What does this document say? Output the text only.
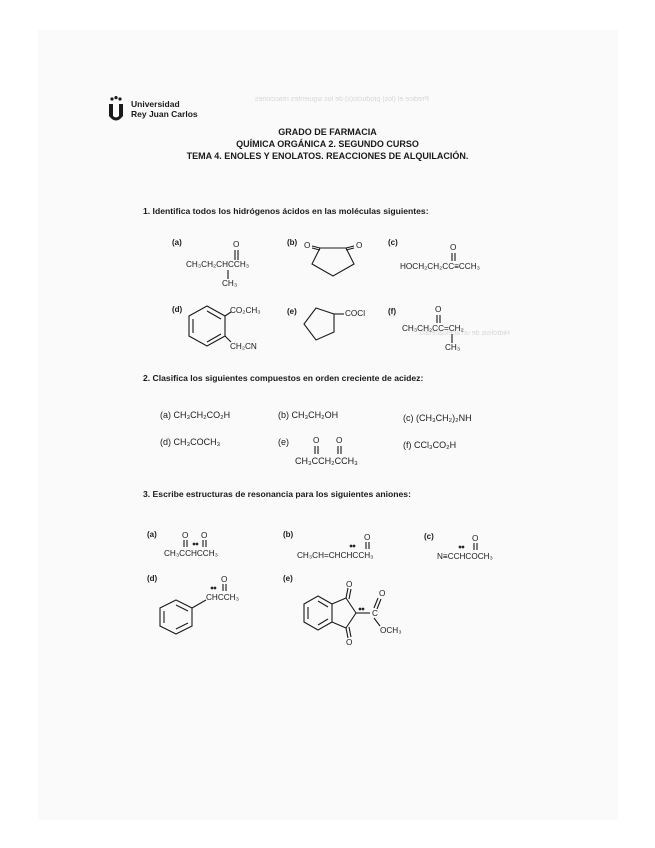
Predice el (los) producto(s) de los siguientes reacciones
Hidrólisis de un acetoacetato
Universidad
Rey Juan Carlos
GRADO DE FARMACIA
QUÍMICA ORGÁNICA 2. SEGUNDO CURSO
TEMA 4. ENOLES Y ENOLATOS. REACCIONES DE ALQUILACIÓN.
1. Identifica todos los hidrógenos ácidos en las moléculas siguientes:
(a)	O
CH₃CH₂CHCCH₃
CH₃
(b) O	O	(c)
O
HOCH₂CH₂CC≡CCH₃
(d)	CO₂CH₃
CH₂CN
(e)	COCl	(f)	O
CH₃CH₂CC=CH₂
CH₃
2. Clasifica los siguientes compuestos en orden creciente de acidez:
(a) CH₃CH₂CO₂H	(b) CH₃CH₂OH	(c) (CH₃CH₂)₂NH
(d) CH₃COCH₃	(e)	O O
CH₃CCH₂CCH₃
(f) CCl₃CO₂H
3. Escribe estructuras de resonancia para los siguientes aniones:
(a)	O O
CH₃CCHCCH₃
(b)	O
CH₃CH=CHCHCCH₃
(c)	O
N≡CCHCOCH₃
(d)	O
CHCCH₃
(e)
O
O
C
O
OCH₃
